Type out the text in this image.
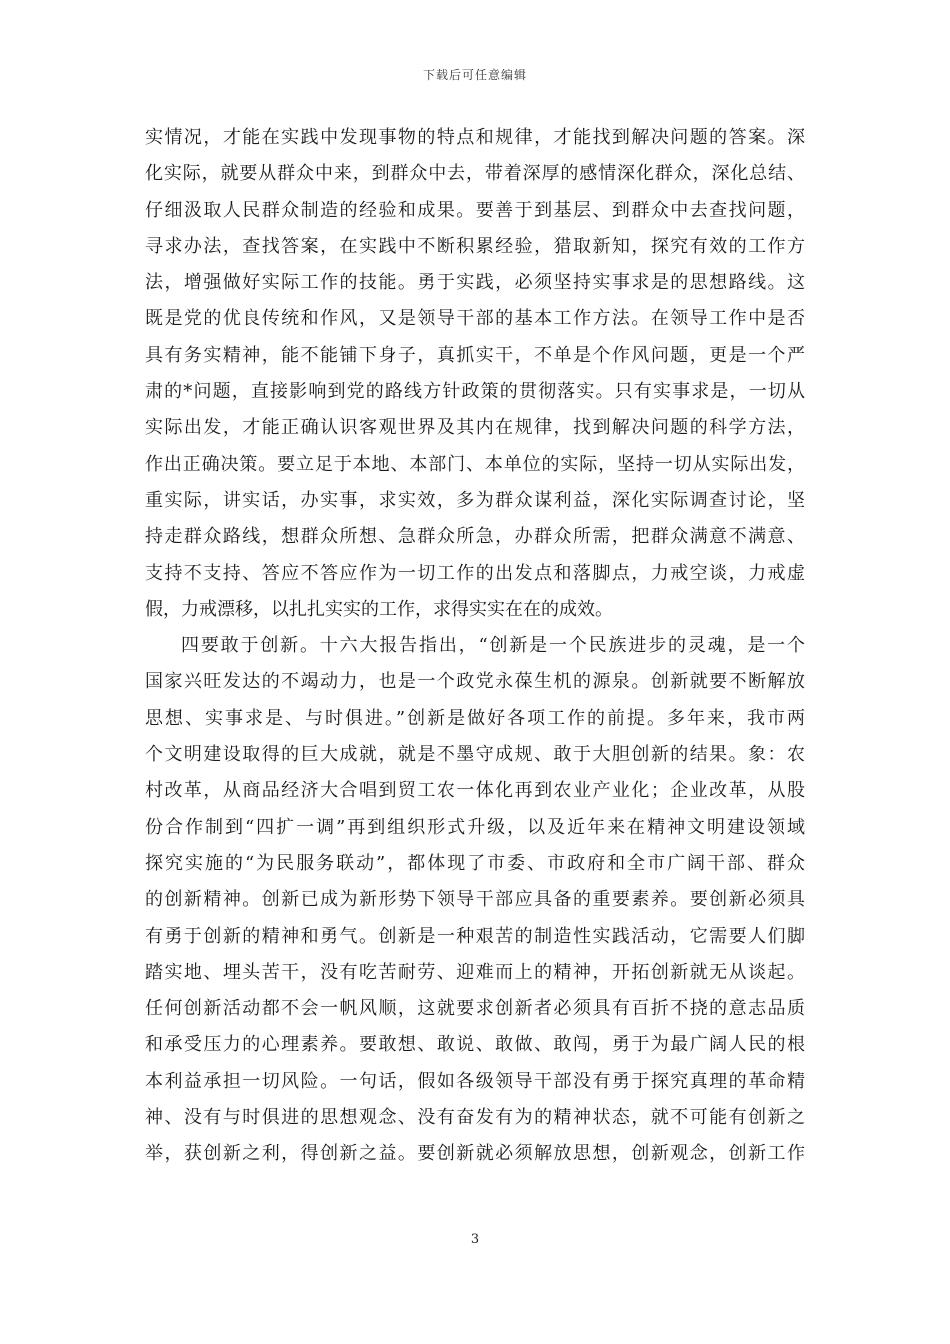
下载后可任意编辑
实情况，才能在实践中发现事物的特点和规律，才能找到解决问题的答案。深
化实际，就要从群众中来，到群众中去，带着深厚的感情深化群众，深化总结、
仔细汲取人民群众制造的经验和成果。要善于到基层、到群众中去查找问题，
寻求办法，查找答案，在实践中不断积累经验，猎取新知，探究有效的工作方
法，增强做好实际工作的技能。勇于实践，必须坚持实事求是的思想路线。这
既是党的优良传统和作风，又是领导干部的基本工作方法。在领导工作中是否
具有务实精神，能不能铺下身子，真抓实干，不单是个作风问题，更是一个严
肃的*问题，直接影响到党的路线方针政策的贯彻落实。只有实事求是，一切从
实际出发，才能正确认识客观世界及其内在规律，找到解决问题的科学方法，
作出正确决策。要立足于本地、本部门、本单位的实际，坚持一切从实际出发，
重实际，讲实话，办实事，求实效，多为群众谋利益，深化实际调查讨论，坚
持走群众路线，想群众所想、急群众所急，办群众所需，把群众满意不满意、
支持不支持、答应不答应作为一切工作的出发点和落脚点，力戒空谈，力戒虚
假，力戒漂移，以扎扎实实的工作，求得实实在在的成效。
四要敢于创新。十六大报告指出，“创新是一个民族进步的灵魂，是一个
国家兴旺发达的不竭动力，也是一个政党永葆生机的源泉。创新就要不断解放
思想、实事求是、与时俱进。”创新是做好各项工作的前提。多年来，我市两
个文明建设取得的巨大成就，就是不墨守成规、敢于大胆创新的结果。象：农
村改革，从商品经济大合唱到贸工农一体化再到农业产业化；企业改革，从股
份合作制到“四扩一调”再到组织形式升级，以及近年来在精神文明建设领域
探究实施的“为民服务联动”，都体现了市委、市政府和全市广阔干部、群众
的创新精神。创新已成为新形势下领导干部应具备的重要素养。要创新必须具
有勇于创新的精神和勇气。创新是一种艰苦的制造性实践活动，它需要人们脚
踏实地、埋头苦干，没有吃苦耐劳、迎难而上的精神，开拓创新就无从谈起。
任何创新活动都不会一帆风顺，这就要求创新者必须具有百折不挠的意志品质
和承受压力的心理素养。要敢想、敢说、敢做、敢闯，勇于为最广阔人民的根
本利益承担一切风险。一句话，假如各级领导干部没有勇于探究真理的革命精
神、没有与时俱进的思想观念、没有奋发有为的精神状态，就不可能有创新之
举，获创新之利，得创新之益。要创新就必须解放思想，创新观念，创新工作
3
